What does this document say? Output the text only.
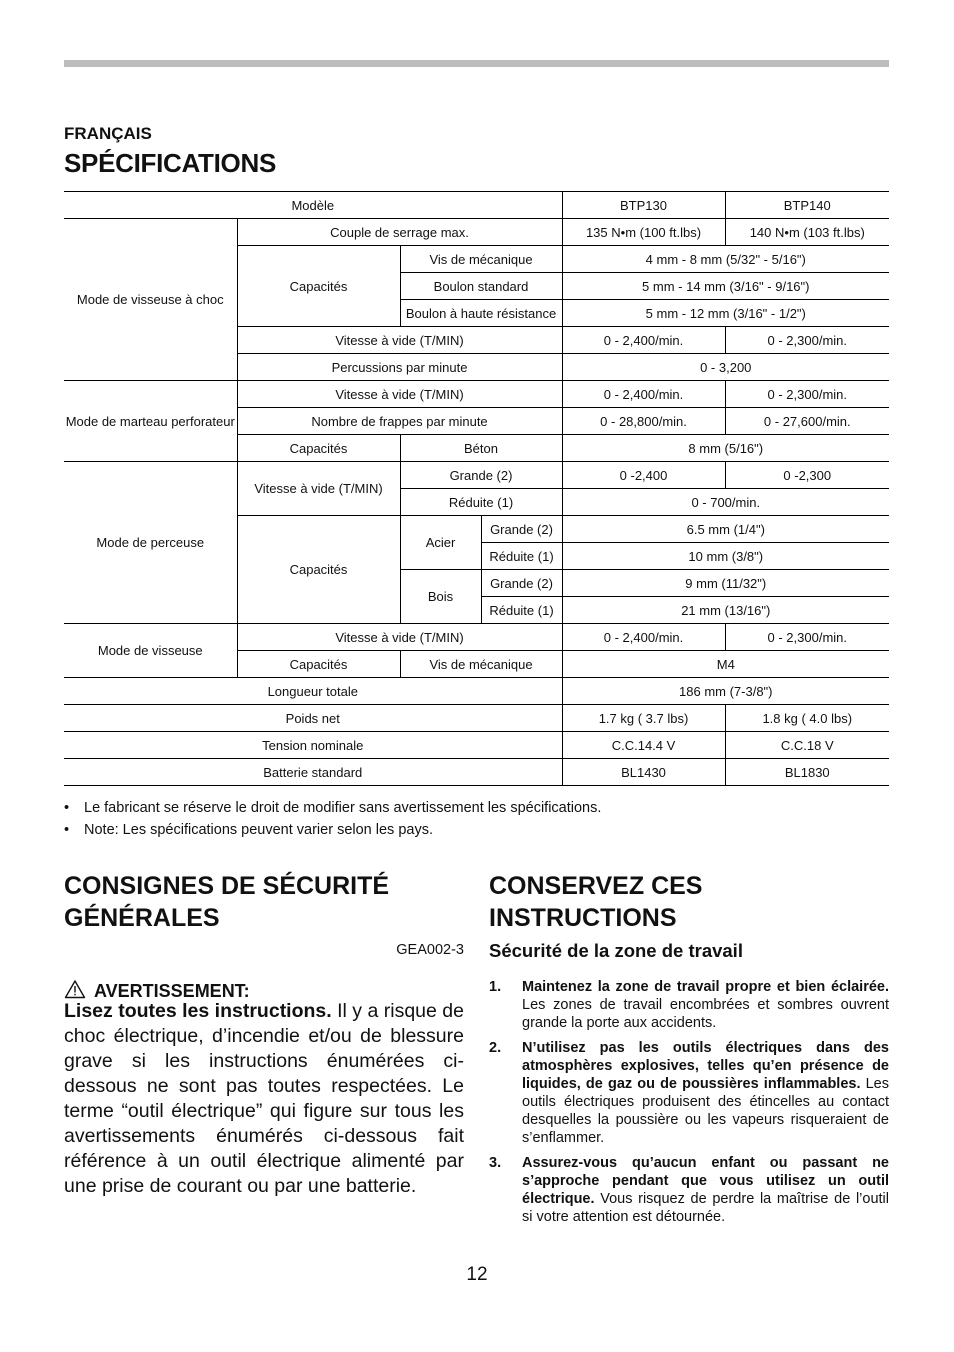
FRANÇAIS
SPÉCIFICATIONS
Modèle				BTP130	BTP140
Mode de visseuse à choc	Couple de serrage max.			135 N•m (100 ft.lbs)	140 N•m (103 ft.lbs)
	Capacités	Vis de mécanique		4 mm - 8 mm (5/32" - 5/16")	
		Boulon standard		5 mm - 14 mm (3/16" - 9/16")	
		Boulon à haute résistance		5 mm - 12 mm (3/16" - 1/2")	
	Vitesse à vide (T/MIN)			0 - 2,400/min.	0 - 2,300/min.
	Percussions par minute			0 - 3,200	
Mode de marteau perforateur	Vitesse à vide (T/MIN)			0 - 2,400/min.	0 - 2,300/min.
	Nombre de frappes par minute			0 - 28,800/min.	0 - 27,600/min.
	Capacités	Béton		8 mm (5/16")	
Mode de perceuse	Vitesse à vide (T/MIN)	Grande (2)		0 -2,400	0 -2,300
		Réduite (1)		0 - 700/min.	
	Capacités	Acier	Grande (2)	6.5 mm (1/4")	
			Réduite (1)	10 mm (3/8")	
		Bois	Grande (2)	9 mm (11/32")	
			Réduite (1)	21 mm (13/16")	
Mode de visseuse	Vitesse à vide (T/MIN)			0 - 2,400/min.	0 - 2,300/min.
	Capacités	Vis de mécanique		M4	
Longueur totale				186 mm (7-3/8")	
Poids net				1.7 kg ( 3.7 lbs)	1.8 kg ( 4.0 lbs)
Tension nominale				C.C.14.4 V	C.C.18 V
Batterie standard				BL1430	BL1830
• Le fabricant se réserve le droit de modifier sans avertissement les spécifications.
• Note: Les spécifications peuvent varier selon les pays.
CONSIGNES DE SÉCURITÉ GÉNÉRALES
GEA002-3
AVERTISSEMENT:
Lisez toutes les instructions. Il y a risque de choc électrique, d’incendie et/ou de blessure grave si les instructions énumérées ci-dessous ne sont pas toutes respectées. Le terme “outil électrique” qui figure sur tous les avertissements énumérés ci-dessous fait référence à un outil électrique alimenté par une prise de courant ou par une batterie.
CONSERVEZ CES INSTRUCTIONS
Sécurité de la zone de travail
1. Maintenez la zone de travail propre et bien éclairée. Les zones de travail encombrées et sombres ouvrent grande la porte aux accidents.
2. N’utilisez pas les outils électriques dans des atmosphères explosives, telles qu’en présence de liquides, de gaz ou de poussières inflammables. Les outils électriques produisent des étincelles au contact desquelles la poussière ou les vapeurs risqueraient de s’enflammer.
3. Assurez-vous qu’aucun enfant ou passant ne s’approche pendant que vous utilisez un outil électrique. Vous risquez de perdre la maîtrise de l’outil si votre attention est détournée.
12
